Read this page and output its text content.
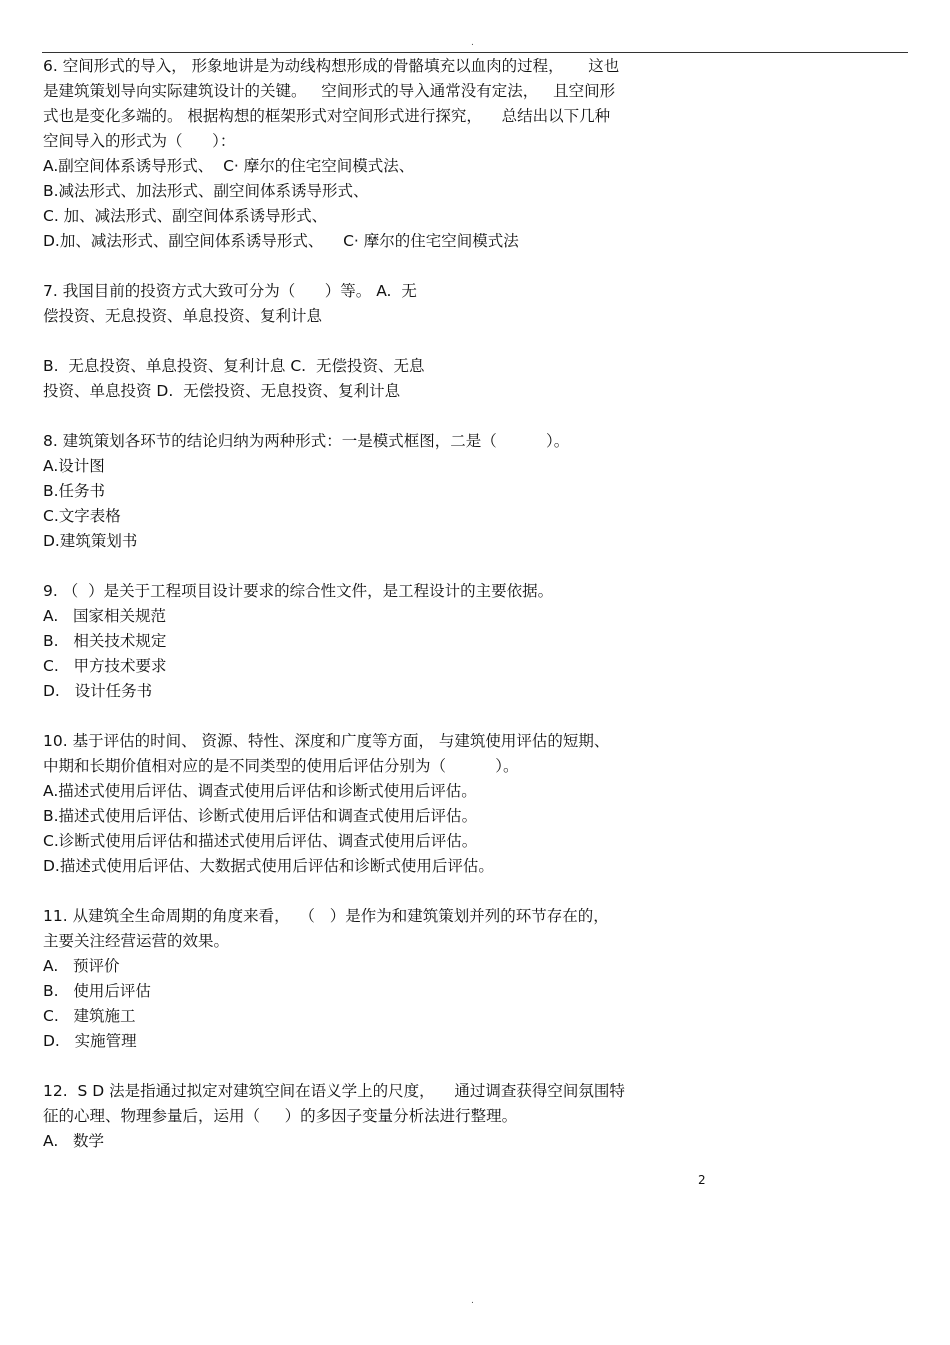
.

6. 空间形式的导入， 形象地讲是为动线构想形成的骨骼填充以血肉的过程，     这也

是建筑策划导向实际建筑设计的关键。   空间形式的导入通常没有定法，   且空间形

式也是变化多端的。 根据构想的框架形式对空间形式进行探究，    总结出以下几种

空间导入的形式为（      ）：

A.副空间体系诱导形式、  C· 摩尔的住宅空间模式法、

B.减法形式、加法形式、副空间体系诱导形式、

C. 加、减法形式、副空间体系诱导形式、

D.加、减法形式、副空间体系诱导形式、    C· 摩尔的住宅空间模式法

7. 我国目前的投资方式大致可分为（      ）等。 A.  无

偿投资、无息投资、单息投资、复利计息

B.  无息投资、单息投资、复利计息 C.  无偿投资、无息

投资、单息投资 D.  无偿投资、无息投资、复利计息

8. 建筑策划各环节的结论归纳为两种形式：一是模式框图，二是（          ）。

A.设计图

B.任务书

C.文字表格

D.建筑策划书

9. （  ）是关于工程项目设计要求的综合性文件，是工程设计的主要依据。

A.   国家相关规范

B.   相关技术规定

C.   甲方技术要求

D.   设计任务书

10. 基于评估的时间、 资源、特性、深度和广度等方面， 与建筑使用评估的短期、

中期和长期价值相对应的是不同类型的使用后评估分别为（          ）。

A.描述式使用后评估、调查式使用后评估和诊断式使用后评估。

B.描述式使用后评估、诊断式使用后评估和调查式使用后评估。

C.诊断式使用后评估和描述式使用后评估、调查式使用后评估。

D.描述式使用后评估、大数据式使用后评估和诊断式使用后评估。

11. 从建筑全生命周期的角度来看，  （   ）是作为和建筑策划并列的环节存在的，

主要关注经营运营的效果。

A.   预评价

B.   使用后评估

C.   建筑施工

D.   实施管理

12.  S D 法是指通过拟定对建筑空间在语义学上的尺度，    通过调查获得空间氛围特

征的心理、物理参量后，运用（     ）的多因子变量分析法进行整理。

A.   数学

2
.
